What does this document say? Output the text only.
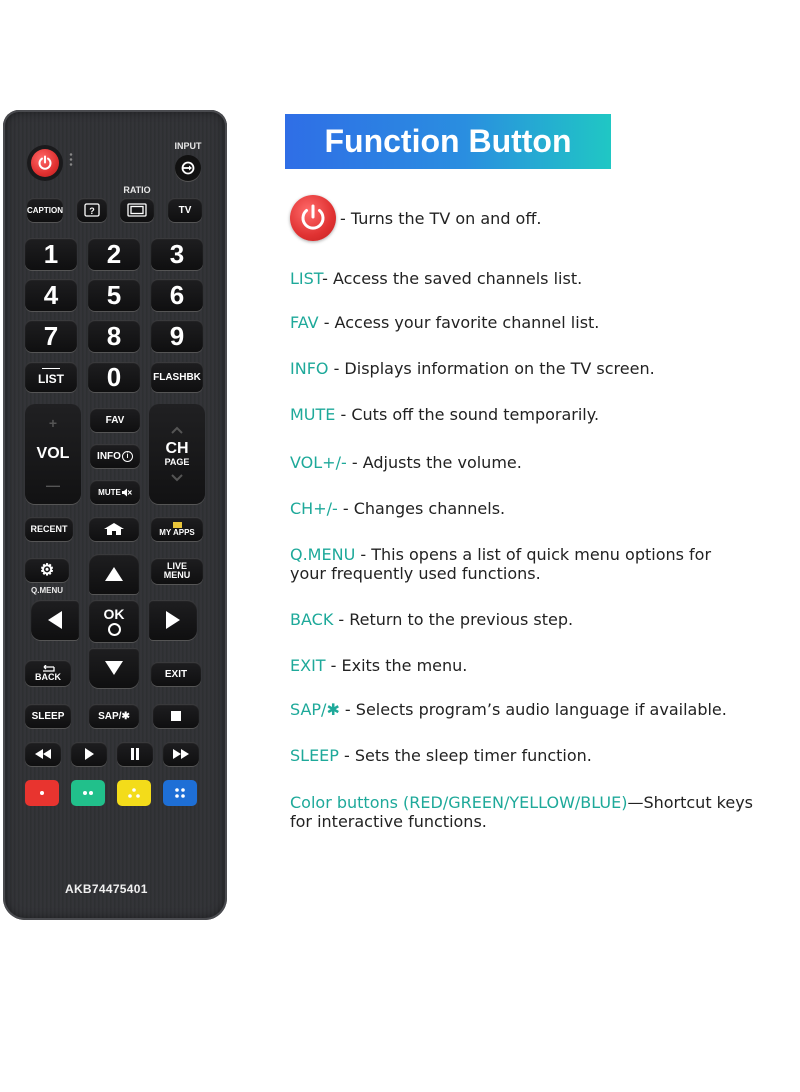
INPUT
RATIO
CAPTION	?	TV
1	2	3
4	5	6
7	8	9
LIST	0	FLASHBK
+
VOL
—
FAV
INFO i
MUTE
CH
PAGE
RECENT	MY APPS
⚙
Q.MENU
LIVE
MENU
OK
BACK	EXIT
SLEEP	SAP/✱
AKB74475401
Function Button
- Turns the TV on and off.
LIST- Access the saved channels list.
FAV - Access your favorite channel list.
INFO - Displays information on the TV screen.
MUTE - Cuts off the sound temporarily.
VOL+/- - Adjusts the volume.
CH+/- - Changes channels.
Q.MENU - This opens a list of quick menu options for
your frequently used functions.
BACK - Return to the previous step.
EXIT - Exits the menu.
SAP/✱ - Selects program’s audio language if available.
SLEEP - Sets the sleep timer function.
Color buttons (RED/GREEN/YELLOW/BLUE)—Shortcut keys
for interactive functions.
